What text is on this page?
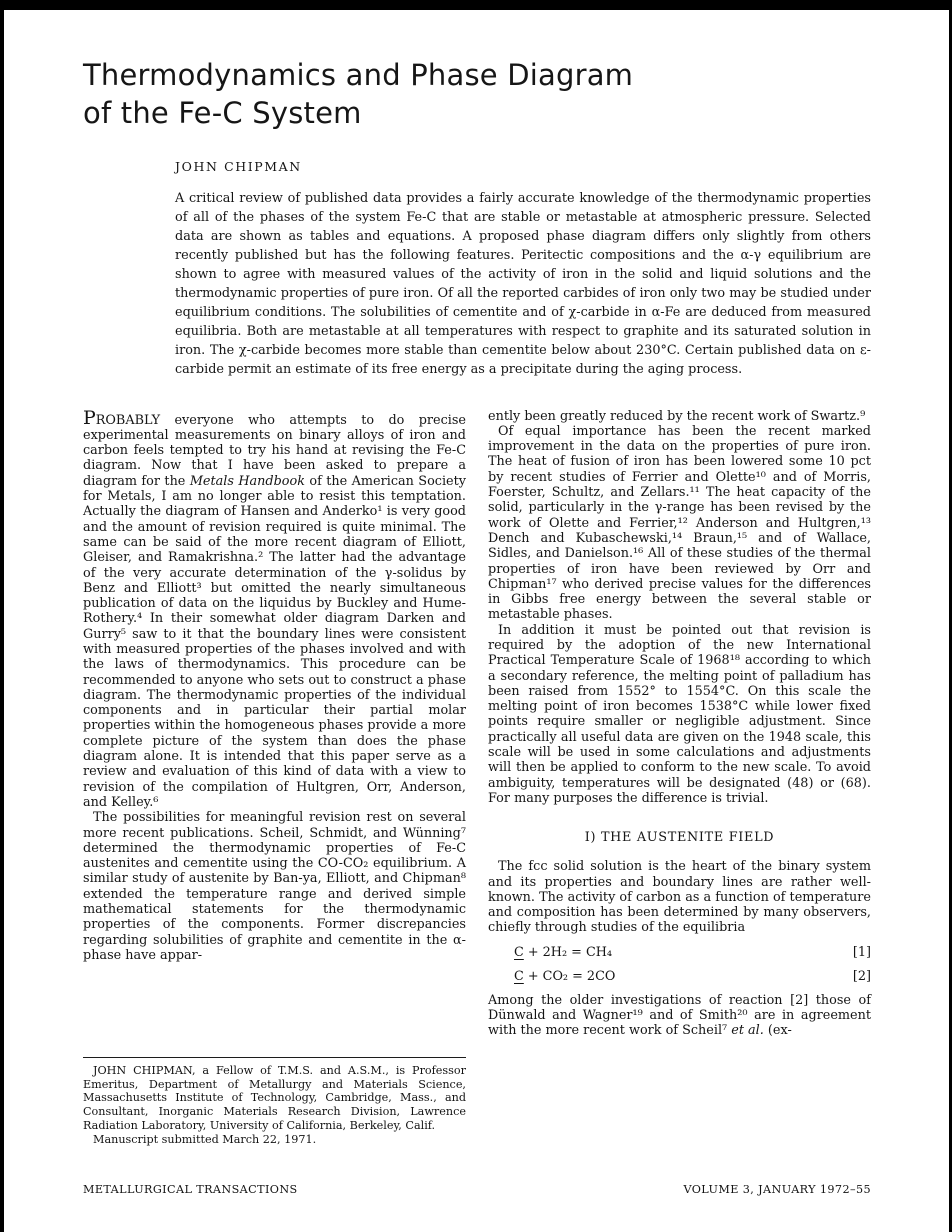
Thermodynamics and Phase Diagram
of the Fe-C System
JOHN CHIPMAN

A critical review of published data provides a fairly accurate knowledge of the thermodynamic properties of all of the phases of the system Fe-C that are stable or metastable at atmospheric pressure. Selected data are shown as tables and equations. A proposed phase diagram differs only slightly from others recently published but has the following features. Peritectic compositions and the α-γ equilibrium are shown to agree with measured values of the activity of iron in the solid and liquid solutions and the thermodynamic properties of pure iron. Of all the reported carbides of iron only two may be studied under equilibrium conditions. The solubilities of cementite and of χ-carbide in α-Fe are deduced from measured equilibria. Both are metastable at all temperatures with respect to graphite and its saturated solution in iron. The χ-carbide becomes more stable than cementite below about 230°C. Certain published data on ε-carbide permit an estimate of its free energy as a precipitate during the aging process.

PROBABLY everyone who attempts to do precise experimental measurements on binary alloys of iron and carbon feels tempted to try his hand at revising the Fe-C diagram. Now that I have been asked to prepare a diagram for the Metals Handbook of the American Society for Metals, I am no longer able to resist this temptation. Actually the diagram of Hansen and Anderko¹ is very good and the amount of revision required is quite minimal. The same can be said of the more recent diagram of Elliott, Gleiser, and Ramakrishna.² The latter had the advantage of the very accurate determination of the γ-solidus by Benz and Elliott³ but omitted the nearly simultaneous publication of data on the liquidus by Buckley and Hume-Rothery.⁴ In their somewhat older diagram Darken and Gurry⁵ saw to it that the boundary lines were consistent with measured properties of the phases involved and with the laws of thermodynamics. This procedure can be recommended to anyone who sets out to construct a phase diagram. The thermodynamic properties of the individual components and in particular their partial molar properties within the homogeneous phases provide a more complete picture of the system than does the phase diagram alone. It is intended that this paper serve as a review and evaluation of this kind of data with a view to revision of the compilation of Hultgren, Orr, Anderson, and Kelley.⁶

The possibilities for meaningful revision rest on several more recent publications. Scheil, Schmidt, and Wünning⁷ determined the thermodynamic properties of Fe-C austenites and cementite using the CO-CO₂ equilibrium. A similar study of austenite by Ban-ya, Elliott, and Chipman⁸ extended the temperature range and derived simple mathematical statements for the thermodynamic properties of the components. Former discrepancies regarding solubilities of graphite and cementite in the α-phase have appar-

JOHN CHIPMAN, a Fellow of T.M.S. and A.S.M., is Professor Emeritus, Department of Metallurgy and Materials Science, Massachusetts Institute of Technology, Cambridge, Mass., and Consultant, Inorganic Materials Research Division, Lawrence Radiation Laboratory, University of California, Berkeley, Calif.

Manuscript submitted March 22, 1971.

ently been greatly reduced by the recent work of Swartz.⁹

Of equal importance has been the recent marked improvement in the data on the properties of pure iron. The heat of fusion of iron has been lowered some 10 pct by recent studies of Ferrier and Olette¹⁰ and of Morris, Foerster, Schultz, and Zellars.¹¹ The heat capacity of the solid, particularly in the γ-range has been revised by the work of Olette and Ferrier,¹² Anderson and Hultgren,¹³ Dench and Kubaschewski,¹⁴ Braun,¹⁵ and of Wallace, Sidles, and Danielson.¹⁶ All of these studies of the thermal properties of iron have been reviewed by Orr and Chipman¹⁷ who derived precise values for the differences in Gibbs free energy between the several stable or metastable phases.

In addition it must be pointed out that revision is required by the adoption of the new International Practical Temperature Scale of 1968¹⁸ according to which a secondary reference, the melting point of palladium has been raised from 1552° to 1554°C. On this scale the melting point of iron becomes 1538°C while lower fixed points require smaller or negligible adjustment. Since practically all useful data are given on the 1948 scale, this scale will be used in some calculations and adjustments will then be applied to conform to the new scale. To avoid ambiguity, temperatures will be designated (48) or (68). For many purposes the difference is trivial.

I) THE AUSTENITE FIELD

The fcc solid solution is the heart of the binary system and its properties and boundary lines are rather well-known. The activity of carbon as a function of temperature and composition has been determined by many observers, chiefly through studies of the equilibria

C + 2H₂ = CH₄	[1]
C + CO₂ = 2CO	[2]

Among the older investigations of reaction [2] those of Dünwald and Wagner¹⁹ and of Smith²⁰ are in agreement with the more recent work of Scheil⁷ et al. (ex-

METALLURGICAL TRANSACTIONS	VOLUME 3, JANUARY 1972–55
